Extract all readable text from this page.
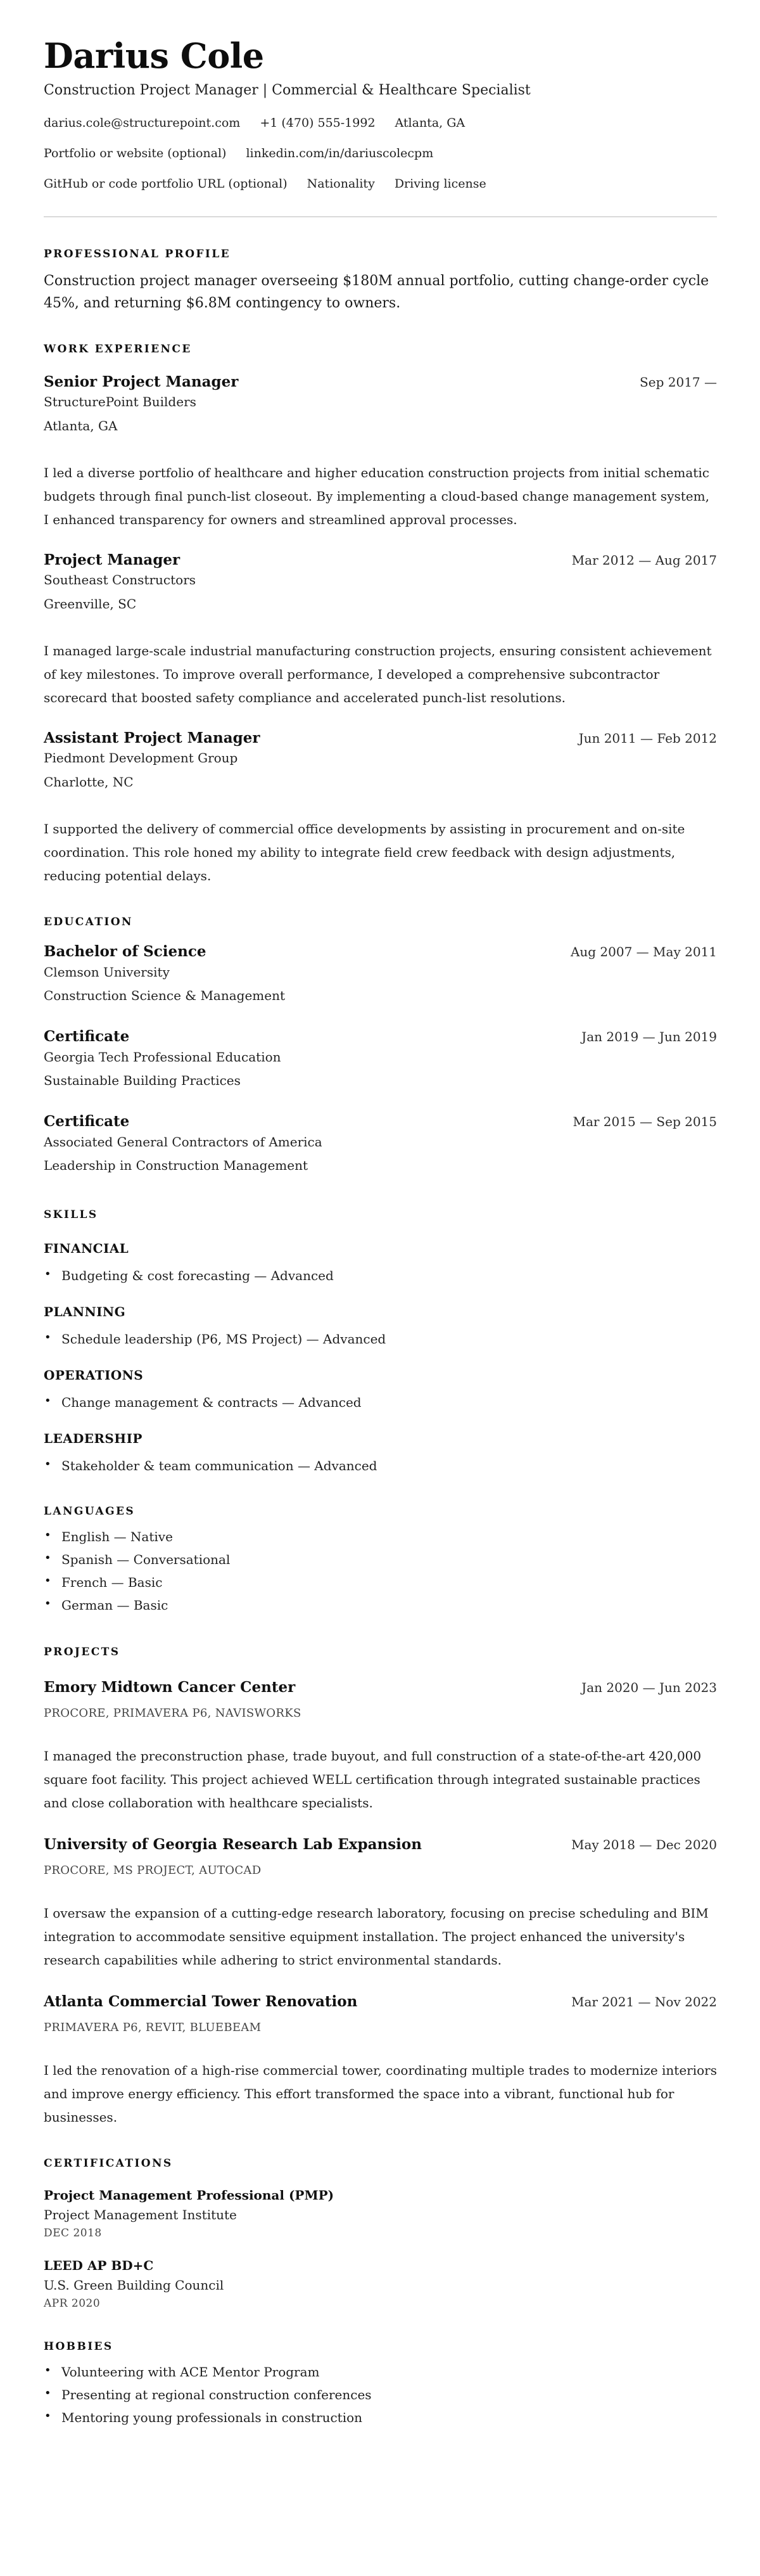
Darius Cole
Construction Project Manager | Commercial & Healthcare Specialist
darius.cole@structurepoint.com +1 (470) 555-1992 Atlanta, GA
Portfolio or website (optional) linkedin.com/in/dariuscolecpm
GitHub or code portfolio URL (optional) Nationality Driving license
PROFESSIONAL PROFILE

Construction project manager overseeing $180M annual portfolio, cutting change-order cycle 45%, and returning $6.8M contingency to owners.

WORK EXPERIENCE
Senior Project Manager	Sep 2017 —
StructurePoint Builders
Atlanta, GA

I led a diverse portfolio of healthcare and higher education construction projects from initial schematic budgets through final punch-list closeout. By implementing a cloud-based change management system, I enhanced transparency for owners and streamlined approval processes.

Project Manager	Mar 2012 — Aug 2017
Southeast Constructors
Greenville, SC

I managed large-scale industrial manufacturing construction projects, ensuring consistent achievement of key milestones. To improve overall performance, I developed a comprehensive subcontractor scorecard that boosted safety compliance and accelerated punch-list resolutions.

Assistant Project Manager	Jun 2011 — Feb 2012
Piedmont Development Group
Charlotte, NC

I supported the delivery of commercial office developments by assisting in procurement and on-site coordination. This role honed my ability to integrate field crew feedback with design adjustments, reducing potential delays.

EDUCATION
Bachelor of Science	Aug 2007 — May 2011
Clemson University
Construction Science & Management
Certificate	Jan 2019 — Jun 2019
Georgia Tech Professional Education
Sustainable Building Practices
Certificate	Mar 2015 — Sep 2015
Associated General Contractors of America
Leadership in Construction Management
SKILLS
FINANCIAL
• Budgeting & cost forecasting — Advanced
PLANNING
• Schedule leadership (P6, MS Project) — Advanced
OPERATIONS
• Change management & contracts — Advanced
LEADERSHIP
• Stakeholder & team communication — Advanced
LANGUAGES
• English — Native
• Spanish — Conversational
• French — Basic
• German — Basic
PROJECTS
Emory Midtown Cancer Center	Jan 2020 — Jun 2023
PROCORE, PRIMAVERA P6, NAVISWORKS

I managed the preconstruction phase, trade buyout, and full construction of a state-of-the-art 420,000 square foot facility. This project achieved WELL certification through integrated sustainable practices and close collaboration with healthcare specialists.

University of Georgia Research Lab Expansion	May 2018 — Dec 2020
PROCORE, MS PROJECT, AUTOCAD

I oversaw the expansion of a cutting-edge research laboratory, focusing on precise scheduling and BIM integration to accommodate sensitive equipment installation. The project enhanced the university's research capabilities while adhering to strict environmental standards.

Atlanta Commercial Tower Renovation	Mar 2021 — Nov 2022
PRIMAVERA P6, REVIT, BLUEBEAM

I led the renovation of a high-rise commercial tower, coordinating multiple trades to modernize interiors and improve energy efficiency. This effort transformed the space into a vibrant, functional hub for businesses.

CERTIFICATIONS
Project Management Professional (PMP)
Project Management Institute
DEC 2018
LEED AP BD+C
U.S. Green Building Council
APR 2020
HOBBIES
• Volunteering with ACE Mentor Program
• Presenting at regional construction conferences
• Mentoring young professionals in construction
